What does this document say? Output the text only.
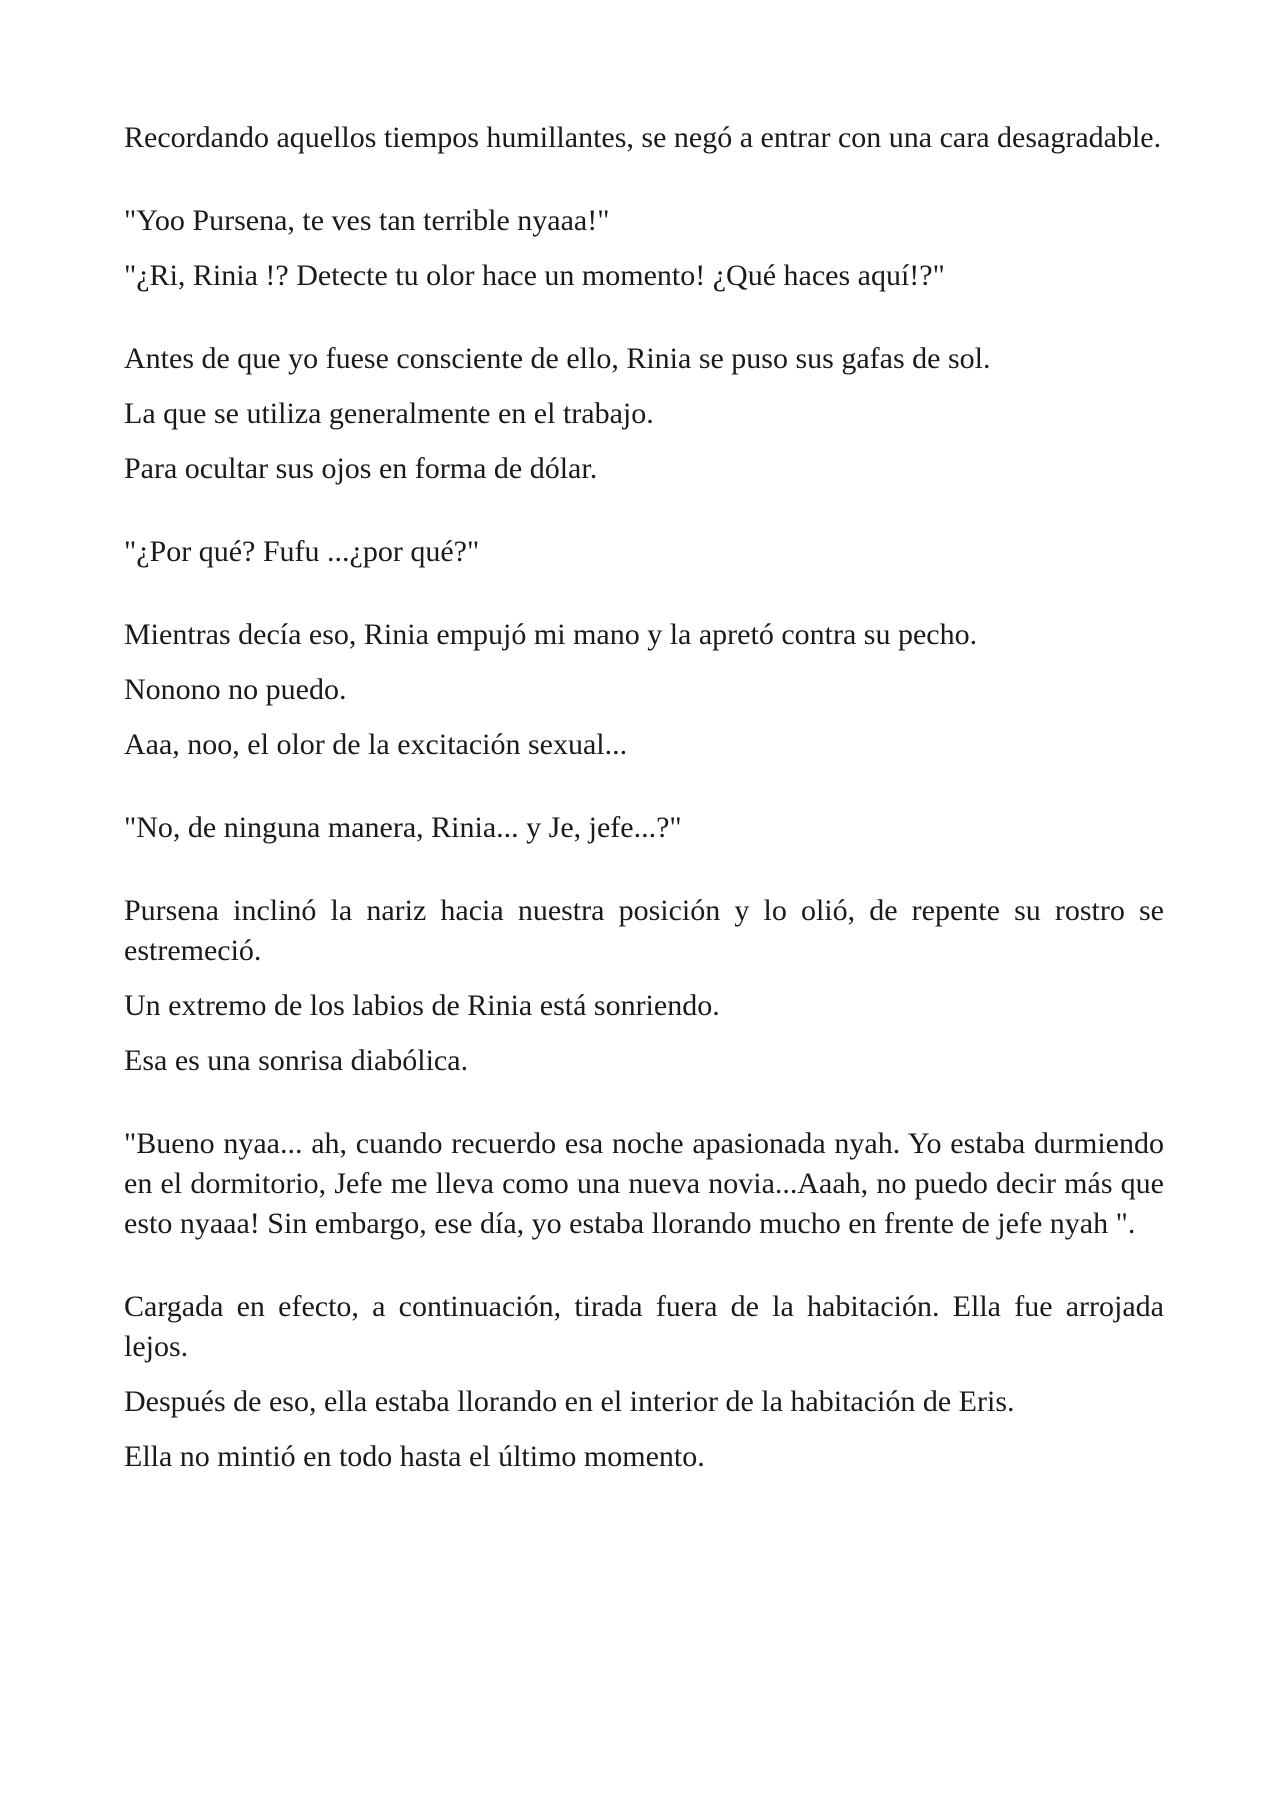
Recordando aquellos tiempos humillantes, se negó a entrar con una cara desagradable.

"Yoo Pursena, te ves tan terrible nyaaa!"

"¿Ri, Rinia !? Detecte tu olor hace un momento! ¿Qué haces aquí!?"

Antes de que yo fuese consciente de ello, Rinia se puso sus gafas de sol.

La que se utiliza generalmente en el trabajo.

Para ocultar sus ojos en forma de dólar.

"¿Por qué? Fufu ...¿por qué?"

Mientras decía eso, Rinia empujó mi mano y la apretó contra su pecho.

Nonono no puedo.

Aaa, noo, el olor de la excitación sexual...

"No, de ninguna manera, Rinia... y Je, jefe...?"

Pursena inclinó la nariz hacia nuestra posición y lo olió, de repente su rostro se estremeció.

Un extremo de los labios de Rinia está sonriendo.

Esa es una sonrisa diabólica.

"Bueno nyaa... ah, cuando recuerdo esa noche apasionada nyah. Yo estaba durmiendo en el dormitorio, Jefe me lleva como una nueva novia...Aaah, no puedo decir más que esto nyaaa! Sin embargo, ese día, yo estaba llorando mucho en frente de jefe nyah ".

Cargada en efecto, a continuación, tirada fuera de la habitación. Ella fue arrojada lejos.

Después de eso, ella estaba llorando en el interior de la habitación de Eris.

Ella no mintió en todo hasta el último momento.
